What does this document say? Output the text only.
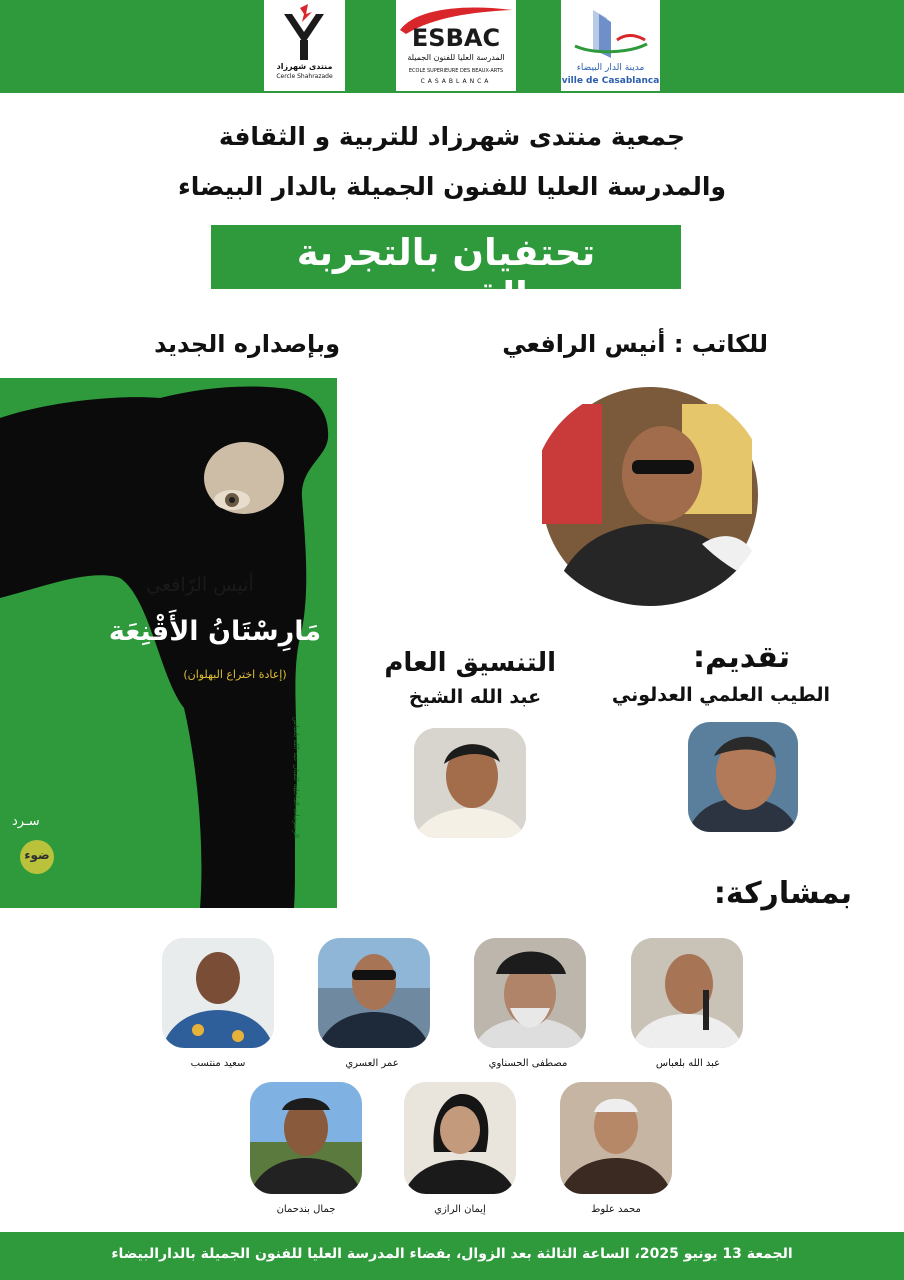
منتدى شهرزاد
Cercle Shahrazade
ESBAC
المدرسة العليا للفنون الجميلة
ECOLE SUPERIEURE DES BEAUX-ARTS
CASABLANCA
مدينة الدار البيضاء
ville de Casablanca
جمعية منتدى شهرزاد للتربية و الثقافة
والمدرسة العليا للفنون الجميلة بالدار البيضاء
تحتفيان بالتجربة القصصية
للكاتب : أنيس الرافعي
وبإصداره الجديد
أنيس الرّافعي
مَارِسْتَانُ الأَقْنِعَة
(إعادة اختراع البهلوان)
الرسومات الداخلية للفنان عبد الله بلعباس
سـرد
ضوء
تقديم:
الطيب العلمي العدلوني
التنسيق العام
عبد الله الشيخ
بمشاركة:
عبد الله بلعباس
مصطفى الحسناوي
عمر العسري
سعيد منتسب
محمد علوط
إيمان الرازي
جمال بندحمان
الجمعة 13 يونيو 2025، الساعة الثالثة بعد الزوال، بفضاء المدرسة العليا للفنون الجميلة بالدارالبيضاء
